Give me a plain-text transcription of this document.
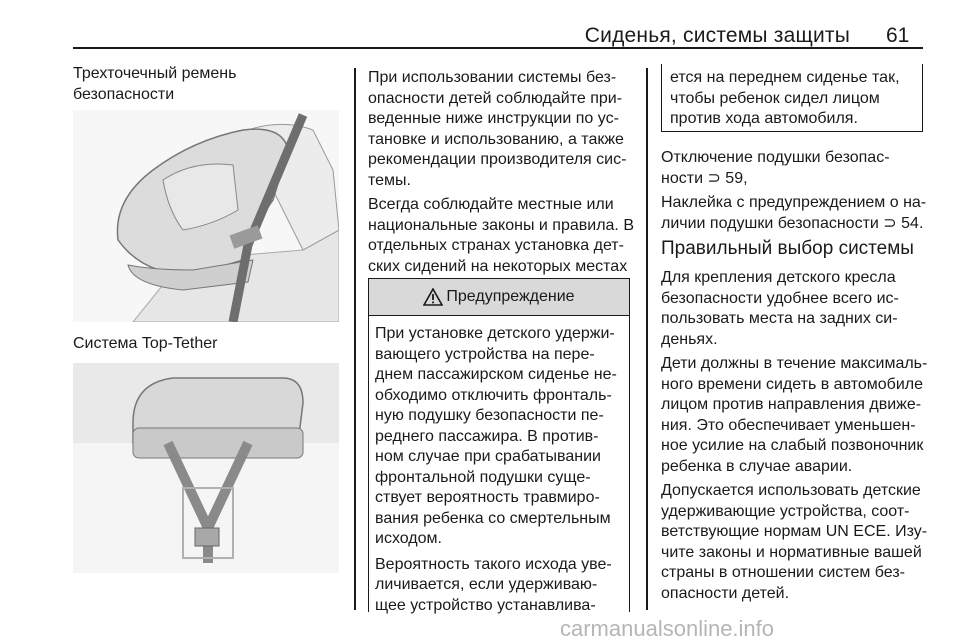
Сиденья, системы защиты 61
Трехточечный ремень
безопасности
Система Top-Tether

При использовании системы без-
опасности детей соблюдайте при-
веденные ниже инструкции по ус-
тановке и использованию, а также
рекомендации производителя сис-
темы.

Всегда соблюдайте местные или
национальные законы и правила. В
отдельных странах установка дет-
ских сидений на некоторых местах

Предупреждение

При установке детского удержи-
вающего устройства на пере-
днем пассажирском сиденье не-
обходимо отключить фронталь-
ную подушку безопасности пе-
реднего пассажира. В против-
ном случае при срабатывании
фронтальной подушки суще-
ствует вероятность травмиро-
вания ребенка со смертельным
исходом.

Вероятность такого исхода уве-
личивается, если удерживаю-
щее устройство устанавлива-

ется на переднем сиденье так,
чтобы ребенок сидел лицом
против хода автомобиля.

Отключение подушки безопас-
ности ⊃ 59,

Наклейка с предупреждением о на-
личии подушки безопасности ⊃ 54.

Правильный выбор системы

Для крепления детского кресла
безопасности удобнее всего ис-
пользовать места на задних си-
деньях.

Дети должны в течение максималь-
ного времени сидеть в автомобиле
лицом против направления движе-
ния. Это обеспечивает уменьшен-
ное усилие на слабый позвоночник
ребенка в случае аварии.

Допускается использовать детские
удерживающие устройства, соот-
ветствующие нормам UN ECE. Изу-
чите законы и нормативные вашей
страны в отношении систем без-
опасности детей.

carmanualsonline.info
